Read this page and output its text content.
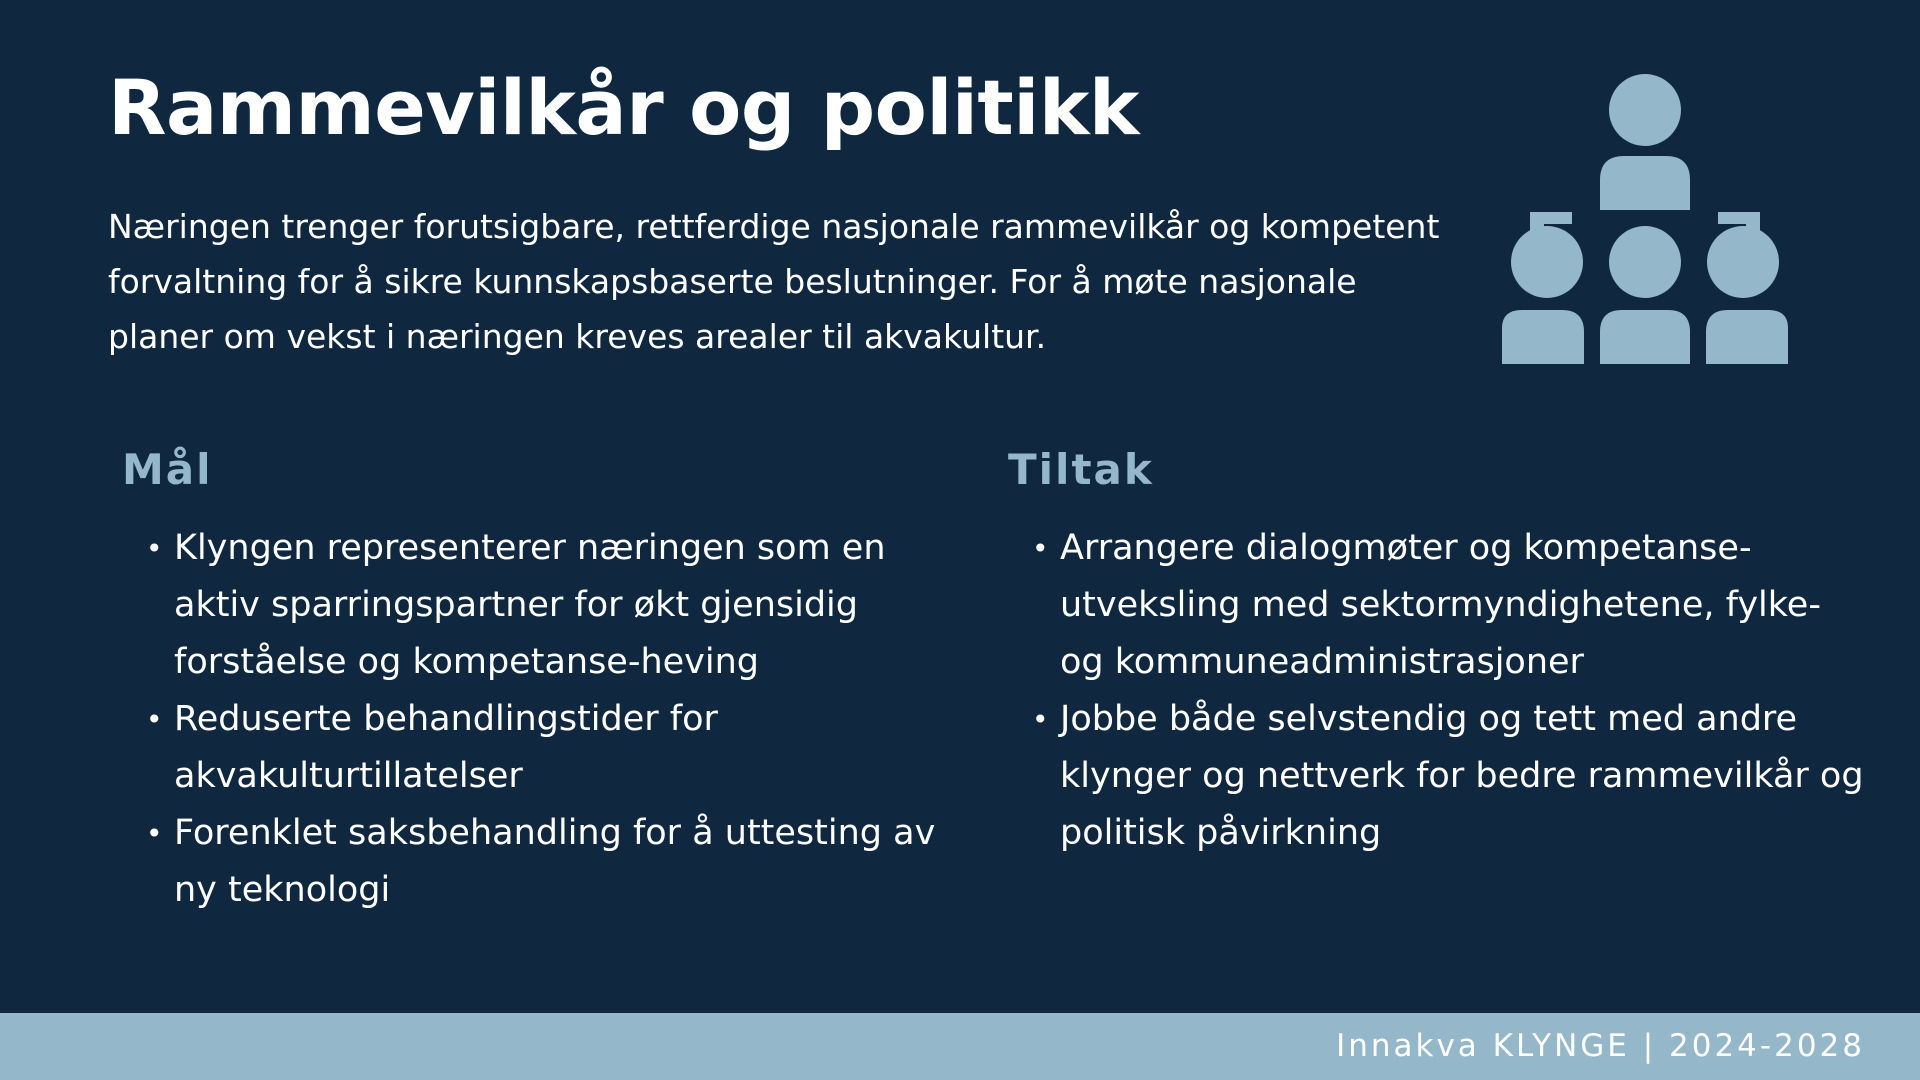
Rammevilkår og politikk

Næringen trenger forutsigbare, rettferdige nasjonale rammevilkår og kompetent forvaltning for å sikre kunnskapsbaserte beslutninger. For å møte nasjonale planer om vekst i næringen kreves arealer til akvakultur.

Mål
• Klyngen representerer næringen som en aktiv sparringspartner for økt gjensidig forståelse og kompetanse-heving
• Reduserte behandlingstider for akvakulturtillatelser
• Forenklet saksbehandling for å uttesting av ny teknologi
Tiltak
• Arrangere dialogmøter og kompetanse-utveksling med sektormyndighetene, fylke- og kommuneadministrasjoner
• Jobbe både selvstendig og tett med andre klynger og nettverk for bedre rammevilkår og politisk påvirkning
Innakva KLYNGE | 2024-2028
